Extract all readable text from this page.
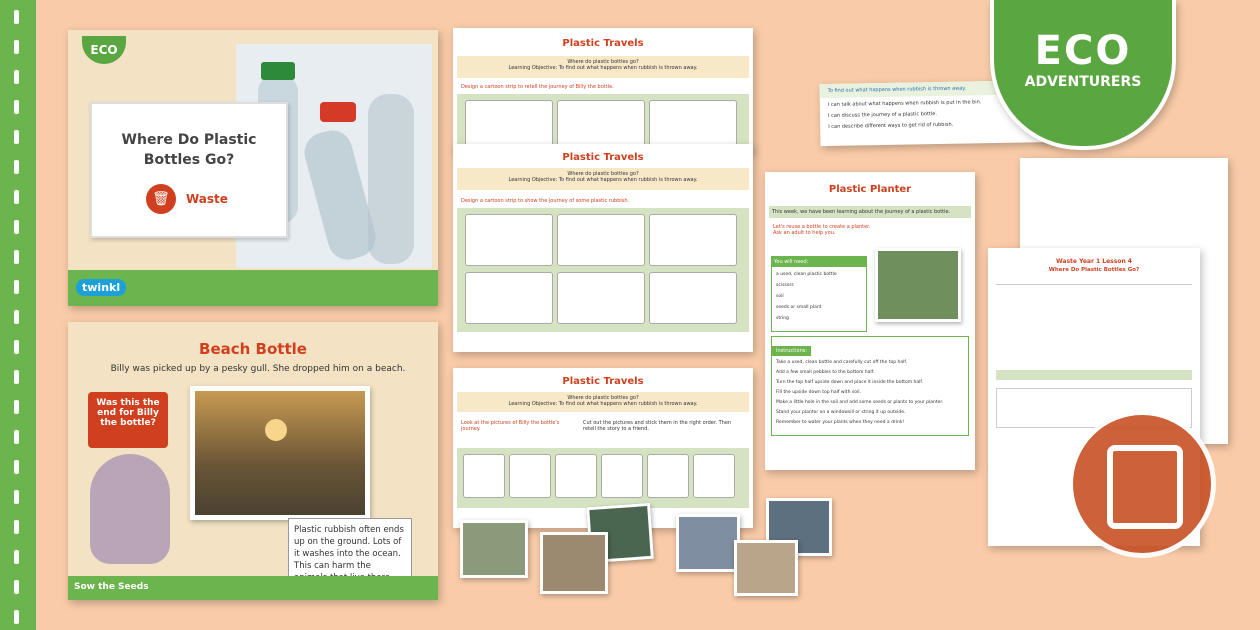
ECO
Where Do Plastic Bottles Go?
🗑	Waste
twinkl
Beach Bottle
Billy was picked up by a pesky gull. She dropped him on a beach.
Was this the end for Billy the bottle?
Plastic rubbish often ends up on the ground. Lots of it washes into the ocean. This can harm the
Sow the Seeds
Plastic Travels
Where do plastic bottles go?
Learning Objective: To find out what happens when rubbish is thrown away.
Design a cartoon strip to retell the journey of Billy the bottle.
Plastic Travels
Where do plastic bottles go?
Learning Objective: To find out what happens when rubbish is thrown away.
Design a cartoon strip to show the journey of some plastic rubbish.
Plastic Travels
Where do plastic bottles go?
Learning Objective: To find out what happens when rubbish is thrown away.
Look at the pictures of Billy the bottle's journey.
Cut out the pictures and stick them in the right order. Then retell the story to a friend.
Plastic Planter
This week, we have been learning about the journey of a plastic bottle.
Let's reuse a bottle to create a planter. Ask an adult to help you.
You will need:
a used, clean plastic bottle
scissors
soil
seeds or small plant
string
Instructions:
Take a used, clean bottle and carefully cut off the top half.
Add a few small pebbles to the bottom half.
Turn the top half upside down and place it inside the bottom half.
Fill the upside down top half with soil.
Make a little hole in the soil and add some seeds or plants to your planter.
Stand your planter on a windowsill or string it up outside.
Remember to water your plants when they need a drink!
To find out what happens when rubbish is thrown away.
I can talk about what happens when rubbish is put in the bin.
I can discuss the journey of a plastic bottle.
I can describe different ways to get rid of rubbish.
Waste Year 1 Lesson 4
Where Do Plastic Bottles Go?
ECO
ADVENTURERS
